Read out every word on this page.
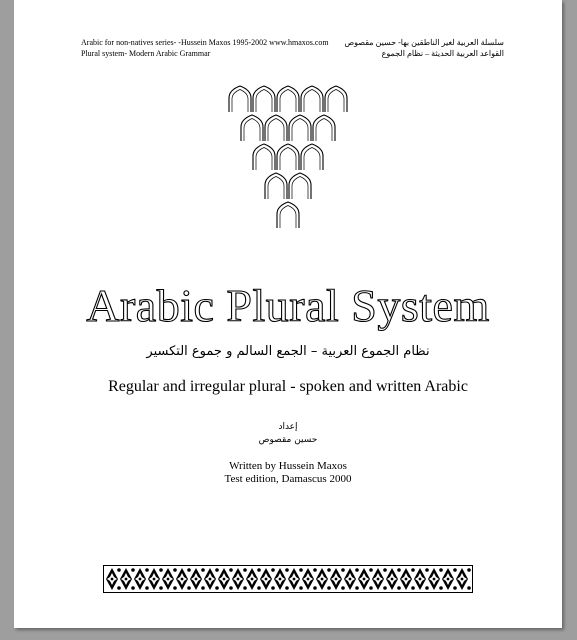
Arabic for non-natives series- -Hussein Maxos 1995-2002 www.hmaxos.com
Plural system- Modern Arabic Grammar
سلسلة العربية لغير الناطقين بها- حسين مقصوص
القواعد العربية الحديثة – نظام الجموع
Arabic Plural System
نظام الجموع العربية – الجمع السالم و جموع التكسير
Regular and irregular plural - spoken and written Arabic
إعداد
حسين مقصوص
Written by Hussein Maxos
Test edition, Damascus 2000
